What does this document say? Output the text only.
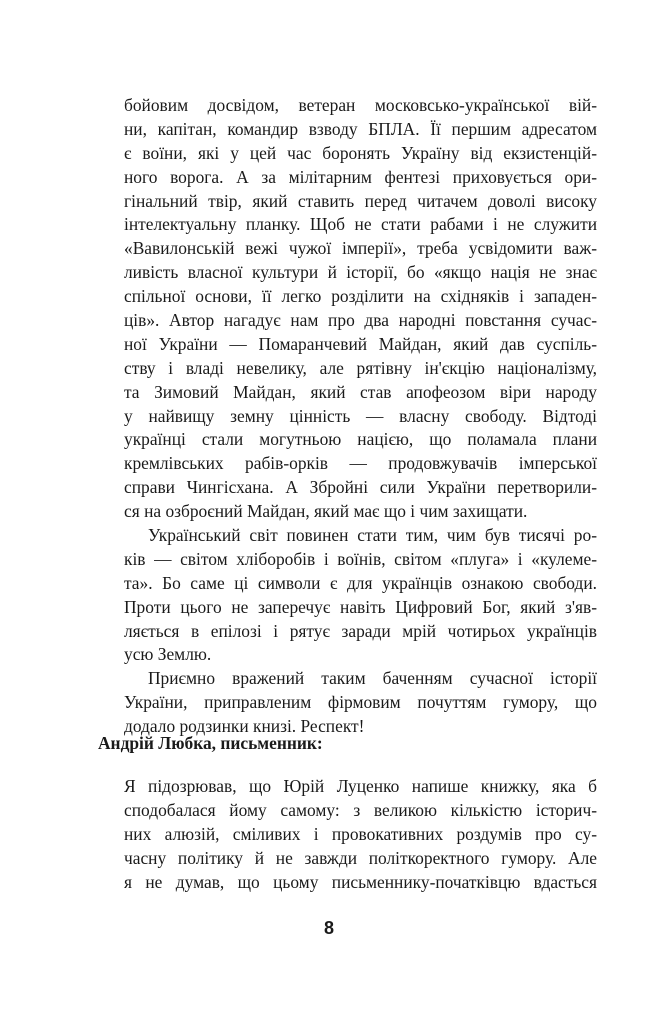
бойовим досвідом, ветеран московсько-української вій-
ни, капітан, командир взводу БПЛА. Її першим адресатом
є воїни, які у цей час боронять Україну від екзистенцій-
ного ворога. А за мілітарним фентезі приховується ори-
гінальний твір, який ставить перед читачем доволі високу
інтелектуальну планку. Щоб не стати рабами і не служити
«Вавилонській вежі чужої імперії», треба усвідомити важ-
ливість власної культури й історії, бо «якщо нація не знає
спільної основи, її легко розділити на східняків і западен-
ців». Автор нагадує нам про два народні повстання сучас-
ної України — Помаранчевий Майдан, який дав суспіль-
ству і владі невелику, але рятівну ін'єкцію націоналізму,
та Зимовий Майдан, який став апофеозом віри народу
у найвищу земну цінність — власну свободу. Відтоді
українці стали могутньою нацією, що поламала плани
кремлівських рабів-орків — продовжувачів імперської
справи Чингісхана. А Збройні сили України перетворили-
ся на озброєний Майдан, який має що і чим захищати.
Український світ повинен стати тим, чим був тисячі ро-
ків — світом хліборобів і воїнів, світом «плуга» і «кулеме-
та». Бо саме ці символи є для українців ознакою свободи.
Проти цього не заперечує навіть Цифровий Бог, який з'яв-
ляється в епілозі і рятує заради мрій чотирьох українців
усю Землю.
Приємно вражений таким баченням сучасної історії
України, приправленим фірмовим почуттям гумору, що
додало родзинки книзі. Респект!
Андрій Любка, письменник:
Я підозрював, що Юрій Луценко напише книжку, яка б
сподобалася йому самому: з великою кількістю історич-
них алюзій, сміливих і провокативних роздумів про су-
часну політику й не завжди політкоректного гумору. Але
я не думав, що цьому письменнику-початківцю вдасться
8
